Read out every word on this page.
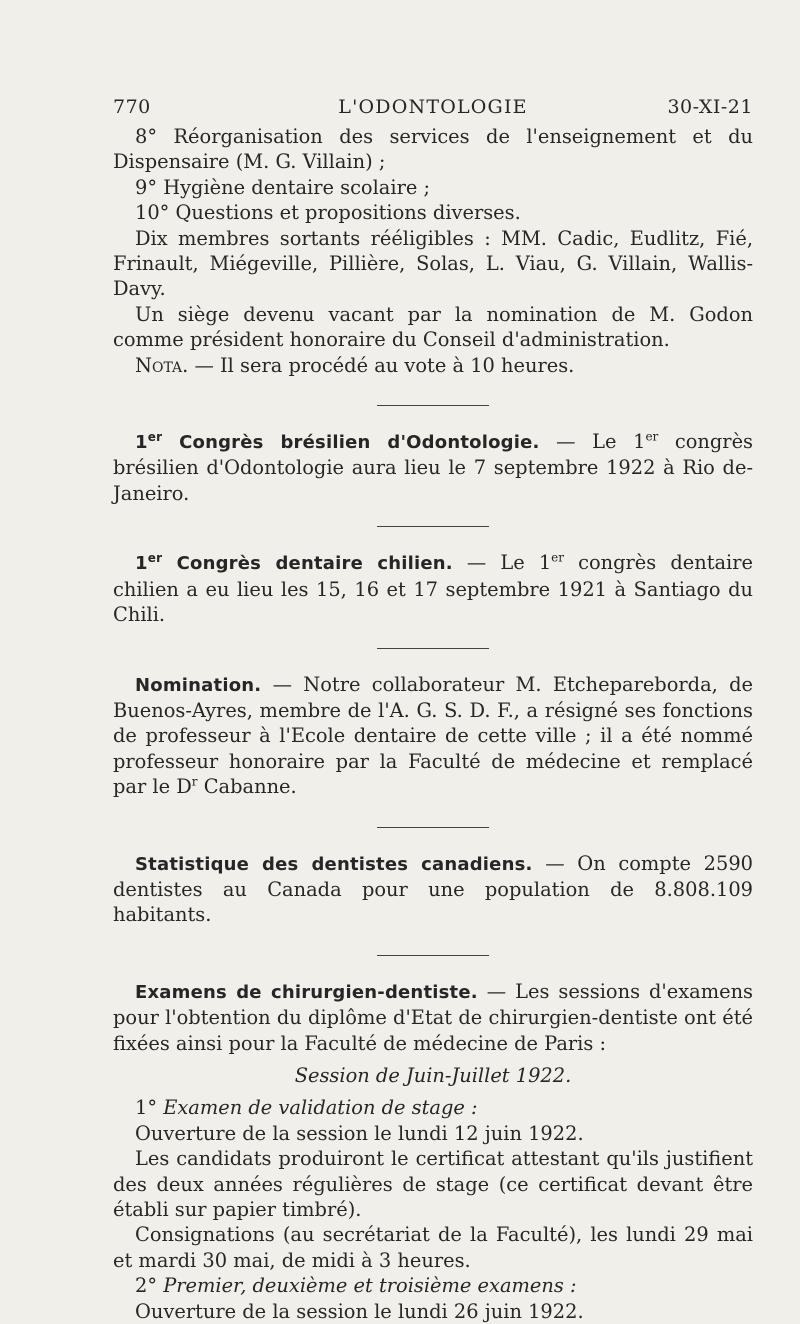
770	L'ODONTOLOGIE	30-XI-21

8° Réorganisation des services de l'enseignement et du Dispensaire (M. G. Villain) ;

9° Hygiène dentaire scolaire ;

10° Questions et propositions diverses.

Dix membres sortants rééligibles : MM. Cadic, Eudlitz, Fié, Frinault, Miégeville, Pillière, Solas, L. Viau, G. Villain, Wallis-Davy.

Un siège devenu vacant par la nomination de M. Godon comme président honoraire du Conseil d'administration.

Nota. — Il sera procédé au vote à 10 heures.

1er Congrès brésilien d'Odontologie. — Le 1er congrès brésilien d'Odontologie aura lieu le 7 septembre 1922 à Rio de-Janeiro.

1er Congrès dentaire chilien. — Le 1er congrès dentaire chilien a eu lieu les 15, 16 et 17 septembre 1921 à Santiago du Chili.

Nomination. — Notre collaborateur M. Etchepareborda, de Buenos-Ayres, membre de l'A. G. S. D. F., a résigné ses fonctions de professeur à l'Ecole dentaire de cette ville ; il a été nommé professeur honoraire par la Faculté de médecine et remplacé par le $D^r$ Cabanne.

Statistique des dentistes canadiens. — On compte 2590 dentistes au Canada pour une population de 8.808.109 habitants.

Examens de chirurgien-dentiste. — Les sessions d'examens pour l'obtention du diplôme d'Etat de chirurgien-dentiste ont été fixées ainsi pour la Faculté de médecine de Paris :

Session de Juin-Juillet 1922.

1° Examen de validation de stage :

Ouverture de la session le lundi 12 juin 1922.

Les candidats produiront le certificat attestant qu'ils justifient des deux années régulières de stage (ce certificat devant être établi sur papier timbré).

Consignations (au secrétariat de la Faculté), les lundi 29 mai et mardi 30 mai, de midi à 3 heures.

2° Premier, deuxième et troisième examens :

Ouverture de la session le lundi 26 juin 1922.
